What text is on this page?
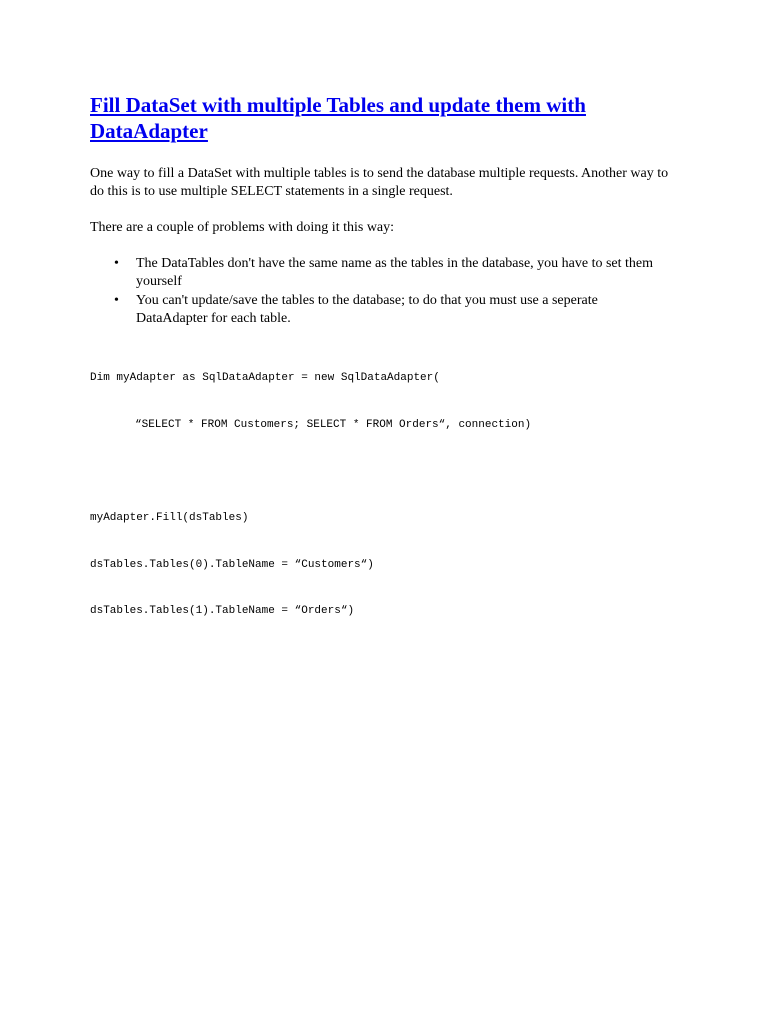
Fill DataSet with multiple Tables and update them with DataAdapter

One way to fill a DataSet with multiple tables is to send the database multiple requests. Another way to do this is to use multiple SELECT statements in a single request.

There are a couple of problems with doing it this way:

• The DataTables don't have the same name as the tables in the database, you have to set them yourself
• You can't update/save the tables to the database; to do that you must use a seperate DataAdapter for each table.

Dim myAdapter as SqlDataAdapter = new SqlDataAdapter(

“SELECT * FROM Customers; SELECT * FROM Orders“, connection)

myAdapter.Fill(dsTables)

dsTables.Tables(0).TableName = “Customers“)

dsTables.Tables(1).TableName = “Orders“)
